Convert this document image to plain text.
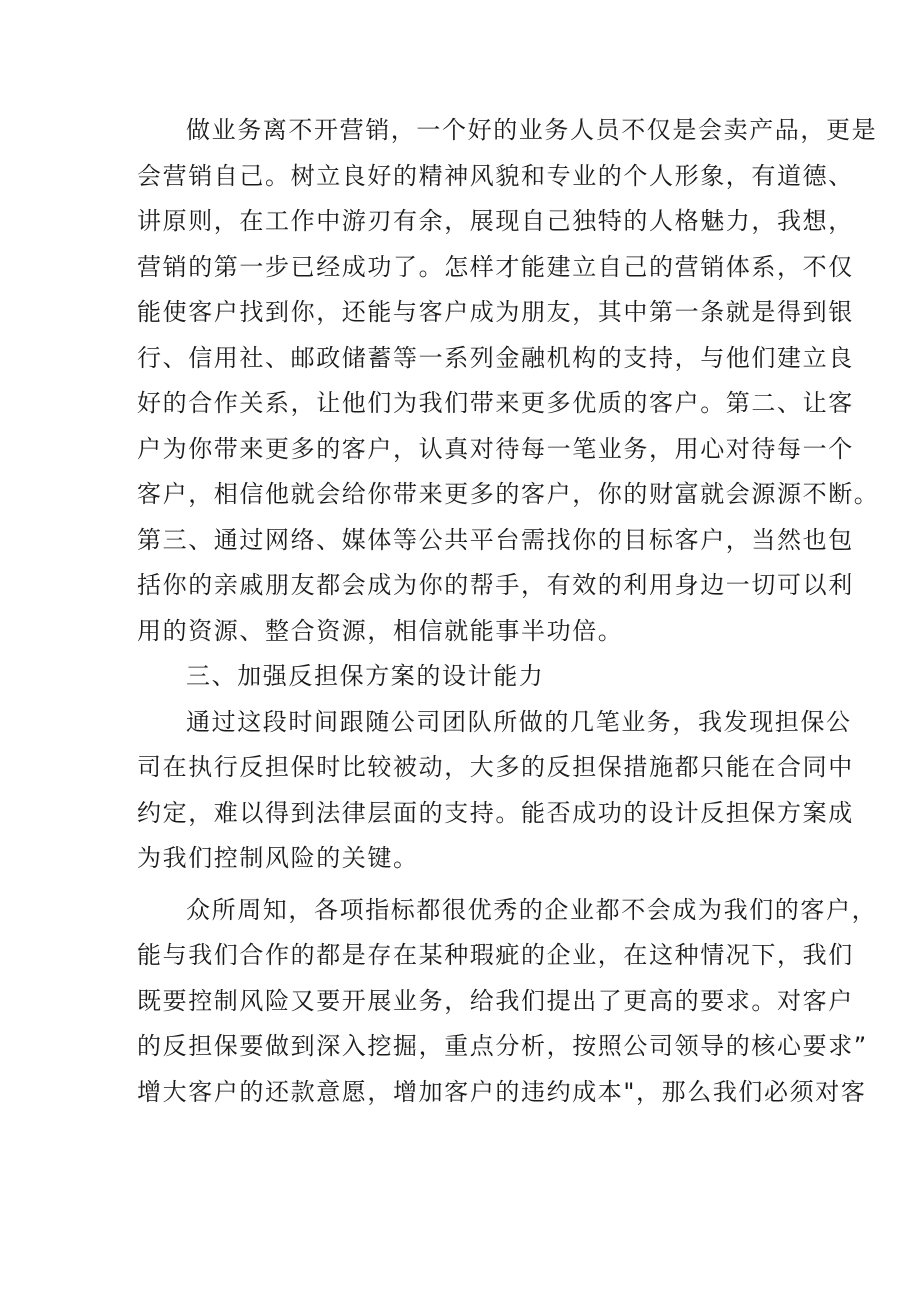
做业务离不开营销，一个好的业务人员不仅是会卖产品，更是
会营销自己。树立良好的精神风貌和专业的个人形象，有道德、
讲原则，在工作中游刃有余，展现自己独特的人格魅力，我想，
营销的第一步已经成功了。怎样才能建立自己的营销体系，不仅
能使客户找到你，还能与客户成为朋友，其中第一条就是得到银
行、信用社、邮政储蓄等一系列金融机构的支持，与他们建立良
好的合作关系，让他们为我们带来更多优质的客户。第二、让客
户为你带来更多的客户，认真对待每一笔业务，用心对待每一个
客户，相信他就会给你带来更多的客户，你的财富就会源源不断。
第三、通过网络、媒体等公共平台需找你的目标客户，当然也包
括你的亲戚朋友都会成为你的帮手，有效的利用身边一切可以利
用的资源、整合资源，相信就能事半功倍。
三、加强反担保方案的设计能力
通过这段时间跟随公司团队所做的几笔业务，我发现担保公
司在执行反担保时比较被动，大多的反担保措施都只能在合同中
约定，难以得到法律层面的支持。能否成功的设计反担保方案成
为我们控制风险的关键。
众所周知，各项指标都很优秀的企业都不会成为我们的客户，
能与我们合作的都是存在某种瑕疵的企业，在这种情况下，我们
既要控制风险又要开展业务，给我们提出了更高的要求。对客户
的反担保要做到深入挖掘，重点分析，按照公司领导的核心要求”
增大客户的还款意愿，增加客户的违约成本"，那么我们必须对客
